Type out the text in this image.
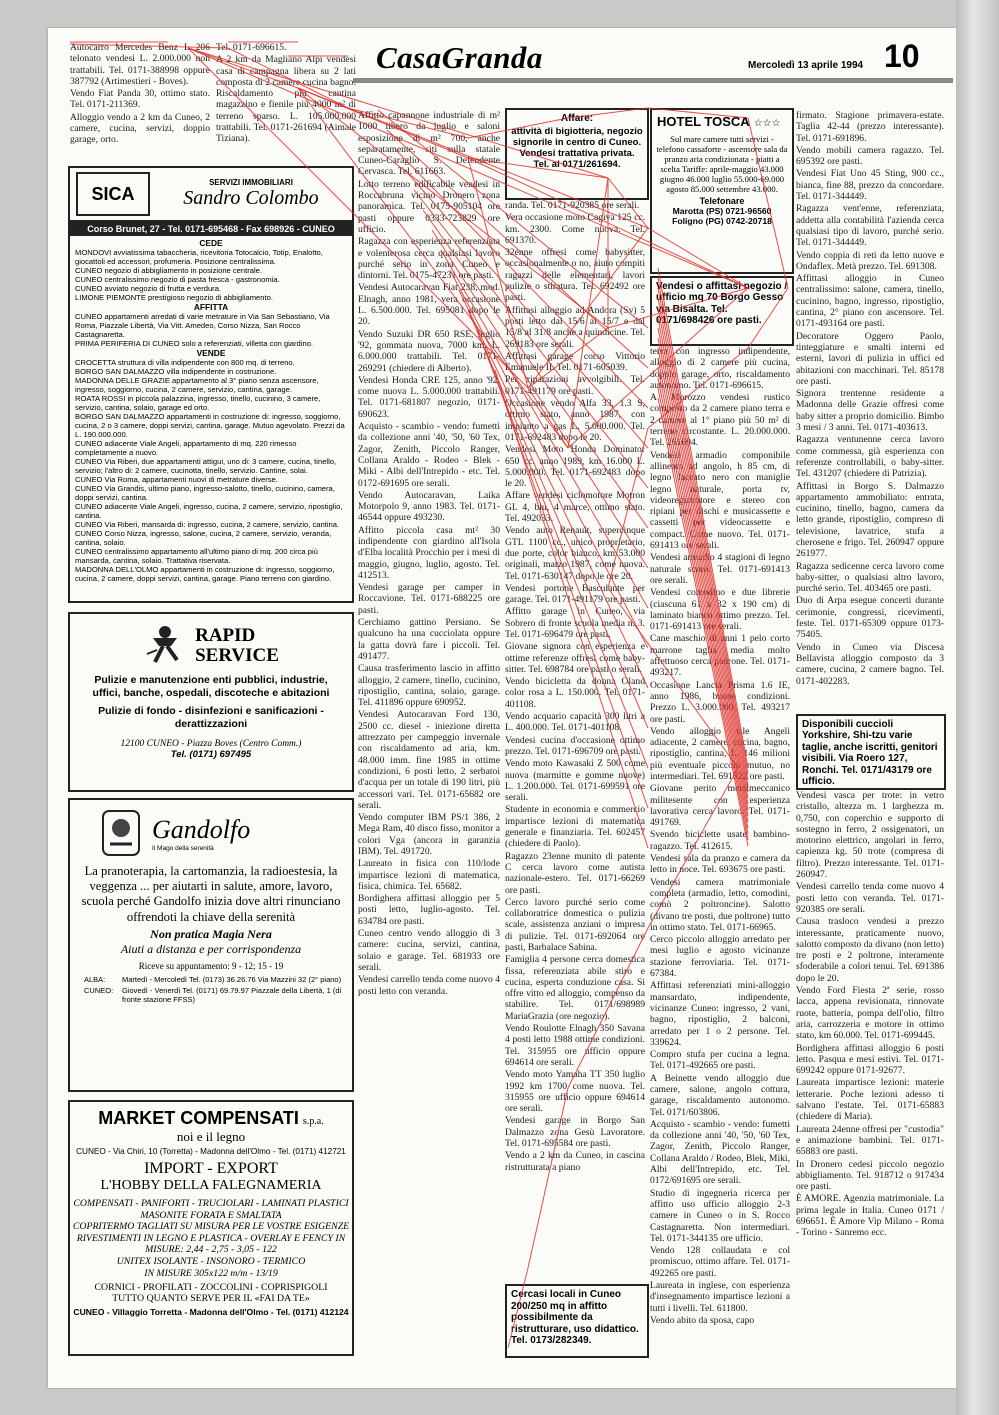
CasaGranda	Mercoledì 13 aprile 1994 10

Autocarro Mercedes Benz L 206 telonato vendesi L. 2.000.000 non trattabili. Tel. 0171-388998 oppure 387792 (Artimestieri - Boves).

Vendo Fiat Panda 30, ottimo stato. Tel. 0171-211369.

Alloggio vendo a 2 km da Cuneo, 2 camere, cucina, servizi, doppio garage, orto.

SICA
SERVIZI IMMOBILIARI
Sandro Colombo
Corso Brunet, 27 - Tel. 0171-695468 - Fax 698926 - CUNEO
CEDE
MONDOVI avviatissima tabaccheria, ricevitoria Totocalcio, Totip, Enalotto, giocattoli ed accessori, profumeria. Posizione centralissima.
CUNEO negozio di abbigliamento in posizione centrale.
CUNEO centralissimo negozio di pasta fresca - gastronomia.
CUNEO avviato negozio di frutta e verdura.
LIMONE PIEMONTE prestigioso negozio di abbigliamento.
AFFITTA
CUNEO appartamenti arredati di varie metrature in Via San Sebastiano, Via Roma, Piazzale Libertà, Via Vitt. Amedeo, Corso Nizza, San Rocco Castagnaretta.
PRIMA PERIFERIA DI CUNEO solo a referenziati, villetta con giardino.
VENDE
CROCETTA struttura di villa indipendente con 800 mq. di terreno.
BORGO SAN DALMAZZO villa indipendente in costruzione.
MADONNA DELLE GRAZIE appartamento al 3° piano senza ascensore, ingresso, soggiorno, cucina, 2 camere, servizio, cantina, garage.
ROATA ROSSI in piccola palazzina, ingresso, tinello, cucinino, 3 camere, servizio, cantina, solaio, garage ed orto.
BORGO SAN DALMAZZO appartamenti in costruzione di: ingresso, soggiorno, cucina, 2 o 3 camere, doppi servizi, cantina, garage. Mutuo agevolato. Prezzi da L. 190.000.000.
CUNEO adiacente Viale Angeli, appartamento di mq. 220 rimesso completamente a nuovo.
CUNEO Via Riberi, due appartamenti attigui, uno di: 3 camere, cucina, tinello, servizio; l'altro di: 2 camere, cucinotta, tinello, servizio. Cantine, solai.
CUNEO Via Roma, appartamenti nuovi di metrature diverse.
CUNEO Via Grandis, ultimo piano, ingresso-salotto, tinello, cucinino, camera, doppi servizi, cantina.
CUNEO adiacente Viale Angeli, ingresso, cucina, 2 camere, servizio, ripostiglio, cantina.
CUNEO Via Riberi, mansarda di: ingresso, cucina, 2 camere, servizio, cantina.
CUNEO Corso Nizza, ingresso, salone, cucina, 2 camere, servizio, veranda, cantina, solaio.
CUNEO centralissimo appartamento all'ultimo piano di mq. 200 circa più mansarda, cantina, solaio. Trattativa riservata.
MADONNA DELL'OLMO appartamenti in costruzione di: ingresso, soggiorno, cucina, 2 camere, doppi servizi, cantina, garage. Piano terreno con giardino.
RAPID
SERVICE
Pulizie e manutenzione enti pubblici, industrie, uffici, banche, ospedali, discoteche e abitazioni
Pulizie di fondo - disinfezioni e sanificazioni - derattizzazioni
12100 CUNEO - Piazza Boves (Centro Comm.)
Tel. (0171) 697495
Gandolfo
Il Mago della serenità
La pranoterapia, la cartomanzia, la radioestesia, la veggenza ... per aiutarti in salute, amore, lavoro, scuola perché Gandolfo inizia dove altri rinunciano offrendoti la chiave della serenità
Non pratica Magia Nera
Aiuti a distanza e per corrispondenza
Riceve su appuntamento: 9 - 12; 15 - 19
ALBA:	Martedì - Mercoledì Tel. (0173) 36.26.76 Via Mazzini 32 (2° piano)
CUNEO:	Giovedì - Venerdì Tel. (0171) 69.79.97 Piazzale della Libertà, 1 (di fronte stazione FFSS)
MARKET COMPENSATI s.p.a.
noi e il legno
CUNEO - Via Chiri, 10 (Torretta) - Madonna dell'Olmo - Tel. (0171) 412721
IMPORT - EXPORT
L'HOBBY DELLA FALEGNAMERIA
COMPENSATI - PANIFORTI - TRUCIOLARI - LAMINATI PLASTICI
MASONITE FORATA E SMALTATA
COPRITERMO TAGLIATI SU MISURA PER LE VOSTRE ESIGENZE
RIVESTIMENTI IN LEGNO E PLASTICA - OVERLAY E FENCY IN
MISURE: 2,44 - 2,75 - 3,05 - 122
UNITEX ISOLANTE - INSONORO - TERMICO
IN MISURE 305x122 m/m - 13/19
CORNICI - PROFILATI - ZOCCOLINI - COPRISPIGOLI
TUTTO QUANTO SERVE PER IL «FAI DA TE»
CUNEO - Villaggio Torretta - Madonna dell'Olmo - Tel. (0171) 412124

Tel. 0171-696615.

A 2 km da Magliano Alpi vendesi casa di campagna libera su 2 lati composta di 2 camere cucina bagno. Riscaldamento più cantina magazzino e fienile più 4000 m² di terreno sparso. L. 105.000.000 trattabili. Tel. 0171-261694 (Aimale Tiziana).

Affitto capannone industriale di m² 1000 libero da luglio e saloni esposizione di m² 700, anche separatamente, siti sulla statale Cuneo-Caraglio S. Defendente Cervasca. Tel. 611663.

Lotto terreno edificabile vendesi in Roccabruna vicino Dronero zona panoramica. Tel. 0175-905104 ore pasti oppure 0333-723829 ore ufficio.

Ragazza con esperienza referenziata e volenterosa cerca qualsiasi lavoro purché serio in zona Cuneo e dintorni. Tel. 0175-47231 ore pasti.

Vendesi Autocaravan Fiat 238, mod. Elnagh, anno 1981, vera occasione L. 6.500.000. Tel. 695081 dopo le 20.

Vendo Suzuki DR 650 RSE, luglio '92, gommata nuova, 7000 km, L. 6.000.000 trattabili. Tel. 0171-269291 (chiedere di Alberto).

Vendesi Honda CRE 125, anno '92, come nuova L. 5.000.000 trattabili. Tel. 0171-681807 negozio, 0171-690623.

Acquisto - scambio - vendo: fumetti da collezione anni '40, '50, '60 Tex, Zagor, Zenith, Piccolo Ranger, Collana Araldo - Rodeo - Blek - Miki - Albi dell'Intrepido - etc. Tel. 0172-691695 ore serali.

Vendo Autocaravan, Laika Motorpolo 9, anno 1983. Tel. 0171-46544 oppure 493230.

Affitto piccola casa mt² 30 indipendente con giardino all'Isola d'Elba località Procchio per i mesi di maggio, giugno, luglio, agosto. Tel. 412513.

Vendesi garage per camper in Roccavione. Tel. 0171-688225 ore pasti.

Cerchiamo gattino Persiano. Se qualcuno ha una cucciolata oppure la gatta dovrà fare i piccoli. Tel. 491477.

Causa trasferimento lascio in affitto alloggio, 2 camere, tinello, cucinino, ripostiglio, cantina, solaio, garage. Tel. 411896 oppure 690952.

Vendesi Autocaravan Ford 130, 2500 cc. diesel - iniezione diretta attrezzato per campeggio invernale con riscaldamento ad aria, km. 48.000 imm. fine 1985 in ottime condizioni, 6 posti letto, 2 serbatoi d'acqua per un totale di 190 litri, più accessori vari. Tel. 0171-65682 ore serali.

Vendo computer IBM PS/1 386, 2 Mega Ram, 40 disco fisso, monitor a colori Vga (ancora in garanzia IBM). Tel. 491720.

Laureato in fisica con 110/lode impartisce lezioni di matematica, fisica, chimica. Tel. 65682.

Bordighera affittasi alloggio per 5 posti letto, luglio-agosto. Tel. 634784 ore pasti.

Cuneo centro vendo alloggio di 3 camere: cucina, servizi, cantina, solaio e garage. Tel. 681933 ore serali.

Vendesi carrello tenda come nuovo 4 posti letto con veranda.

Affare:
attività di bigiotteria, negozio signorile in centro di Cuneo. Vendesi trattativa privata. Tel. al 0171/261694.

randa. Tel. 0171-920385 ore serali.

Vera occasione moto Cagiva 125 cc. km. 2300. Come nuova. Tel. 691370.

32enne offresi come babysitter, occasionalmente o no, aiuto compiti ragazzi delle elementari, lavori pulizie o stiratura. Tel. 692492 ore pasti.

Affittasi alloggio ad Andora (Sv) 5 posti letto dal 15/6 al 15/7 e dal 15/8 al 31/8 anche a quindicine. Tel. 269183 ore serali.

Affittasi garage corso Vittorio Emanuele II. Tel. 0171-605039.

Per riparazioni avvolgibili. Tel. 0171-491179 ore pasti.

Occasione vendo Alfa 33, 1.3 S, ottimo stato, anno 1987, con impianto a gas L. 5.000.000. Tel. 0171-692483 dopo le 20.

Vendesi Moto Honda Dominator 650 cc. anno 1989, km 16.000 L. 5.000.000. Tel. 0171-692483 dopo le 20.

Affare vendesi ciclomotore Motron GL 4, blu, 4 marce, ottimo stato. Tel. 492033.

Vendo auto Renault, supercinque GTL 1100 cc., unico proprietario, due porte, color bianco, km 53.000 originali, marzo 1987, come nuova. Tel. 0171-630147 dopo le ore 20.

Vendesi portone Basculante per garage. Tel. 0171-491179 ore pasti.

Affitto garage in Cuneo, via Sobrero di fronte scuola media n. 3. Tel. 0171-696479 ore pasti.

Giovane signora con esperienza e ottime referenze offresi come baby-sitter. Tel. 698784 ore pasti o serali.

Vendo bicicletta da donna Oland color rosa a L. 150.000. Tel. 0171-401108.

Vendo acquario capacità 300 litri a L. 400.000. Tel. 0171-401108.

Vendesi cucina d'occasione ottimo prezzo. Tel. 0171-696709 ore pasti.

Vendo moto Kawasaki Z 500 come nuova (marmitte e gomme nuove) L. 1.200.000. Tel. 0171-699591 ore serali.

Studente in economia e commercio impartisce lezioni di matematica generale e finanziaria. Tel. 602457 (chiedere di Paolo).

Ragazzo 23enne munito di patente C cerca lavoro come autista nazionale-estero. Tel. 0171-66269 ore pasti.

Cerco lavoro purché serio come collaboratrice domestica o pulizia scale, assistenza anziani o impresa di pulizie. Tel. 0171-692064 ore pasti, Barbalace Sabina.

Famiglia 4 persone cerca domestica fissa, referenziata abile stiro e cucina, esperta conduzione casa. Si offre vitto ed alloggio, compenso da stabilire. Tel. 0171/698989 MariaGrazia (ore negozio).

Vendo Roulotte Elnagh 350 Savana 4 posti letto 1988 ottime condizioni. Tel. 315955 ore ufficio oppure 694614 ore serali.

Vendo moto Yamaha TT 350 luglio 1992 km 1700 come nuova. Tel. 315955 ore ufficio oppure 694614 ore serali.

Vendesi garage in Borgo San Dalmazzo zona Gesù Lavoratore. Tel. 0171-695584 ore pasti.

Vendo a 2 km da Cuneo, in cascina ristrutturata a piano

Cercasi locali in Cuneo 200/250 mq in affitto possibilmente da ristrutturare, uso didattico. Tel. 0173/282349.
HOTEL TOSCA ☆☆☆
Sul mare camere tutti servizi - telefono cassaforte - ascensore sala da pranzo aria condizionata - piatti a scelta Tariffe: aprile-maggio 43.000 giugno 46.000 luglio 55.000-69.000 agosto 85.000 settembre 43.000.
Telefonare
Marotta (PS) 0721-96560 Foligno (PG) 0742-20718
Vendesi o affittasi negozio / ufficio mq 70 Borgo Gesso via Bisalta. Tel. 0171/698426 ore pasti.

terra con ingresso indipendente, alloggio di 2 camere più cucina, doppio garage, orto, riscaldamento autonomo. Tel. 0171-696615.

A Morozzo vendesi rustico composto da 2 camere piano terra e 2 camere al 1° piano più 50 m² di terreno circostante. L. 20.000.000. Tel. 261694.

Vendesi armadio componibile allineato ad angolo, h 85 cm, di legno laccato nero con maniglie legno naturale, porta tv, videoregistratore e stereo con ripiani per dischi e musicassette e cassetti per videocassette e compact. Come nuovo. Tel. 0171-691413 ore serali.

Vendesi armadio 4 stagioni di legno naturale scuro. Tel. 0171-691413 ore serali.

Vendesi comodino e due librerie (ciascuna 61 x 32 x 190 cm) di laminato bianco ottimo prezzo. Tel. 0171-691413 ore serali.

Cane maschio di anni 1 pelo corto marrone taglia media molto affettuoso cerca padrone. Tel. 0171-493217.

Occasione Lancia Prisma 1.6 IE, anno 1986, buone condizioni. Prezzo L. 3.000.000. Tel. 493217 ore pasti.

Vendo alloggio v.le Angeli adiacente, 2 camere, cucina, bagno, ripostiglio, cantina, L. 146 milioni più eventuale piccolo mutuo, no intermediari. Tel. 691322 ore pasti.

Giovane perito metalmeccanico militesente con esperienza lavorativa cerca lavoro. Tel. 0171-491769.

Svendo biciclette usate bambino-ragazzo. Tel. 412615.

Vendesi sala da pranzo e camera da letto in noce. Tel. 693675 ore pasti.

Vendesi camera matrimoniale completa (armadio, letto, comodini, comò 2 poltroncine). Salotto (divano tre posti, due poltrone) tutto in ottimo stato. Tel. 0171-66965.

Cerco piccolo alloggio arredato per mesi luglio e agosto vicinanze stazione ferroviaria. Tel. 0171-67384.

Affittasi referenziati mini-alloggio mansardato, indipendente, vicinanze Cuneo: ingresso, 2 vani, bagno, ripostiglio, 2 balconi, arredato per 1 o 2 persone. Tel. 339624.

Compro stufa per cucina a legna. Tel. 0171-492665 ore pasti.

A Beinette vendo alloggio due camere, salone, angolo cottura, garage, riscaldamento autonomo. Tel. 0171/603806.

Acquisto - scambio - vendo: fumetti da collezione anni '40, '50, '60 Tex, Zagor, Zenith, Piccolo Ranger, Collana Araldo / Rodeo, Blek, Miki, Albi dell'Intrepido, etc. Tel. 0172/691695 ore serali.

Studio di ingegneria ricerca per affitto uso ufficio alloggio 2-3 camere in Cuneo o in S. Rocco Castagnaretta. Non intermediari. Tel. 0171-344135 ore ufficio.

Vendo 128 collaudata e col promiscuo, ottimo affare. Tel. 0171-492265 ore pasti.

Laureata in inglese, con esperienza d'insegnamento impartisce lezioni a tutti i livelli. Tel. 611800.

Vendo abito da sposa, capo

firmato. Stagione primavera-estate. Taglia 42-44 (prezzo interessante). Tel. 0171-691896.

Vendo mobili camera ragazzo. Tel. 695392 ore pasti.

Vendesi Fiat Uno 45 Sting, 900 cc., bianca, fine 88, prezzo da concordare. Tel. 0171-344449.

Ragazza vent'enne, referenziata, addetta alla contabilità l'azienda cerca qualsiasi tipo di lavoro, purché serio. Tel. 0171-344449.

Vendo coppia di reti da letto nuove e Ondaflex. Metà prezzo. Tel. 691308.

Affittasi alloggio in Cuneo centralissimo: salone, camera, tinello, cucinino, bagno, ingresso, ripostiglio, cantina, 2° piano con ascensore. Tel. 0171-493164 ore pasti.

Decoratore Oggero Paolo, tinteggiature e smalti interni ed esterni, lavori di pulizia in uffici ed abitazioni con macchinari. Tel. 85178 ore pasti.

Signora trentenne residente a Madonna delle Grazie offresi come baby sitter a proprio domicilio. Bimbo 3 mesi / 3 anni. Tel. 0171-403613.

Ragazza ventunenne cerca lavoro come commessa, già esperienza con referenze controllabili, o baby-sitter. Tel. 431207 (chiedere di Patrizia).

Affittasi in Borgo S. Dalmazzo appartamento ammobiliato: entrata, cucinino, tinello, bagno, camera da letto grande, ripostiglio, compreso di televisione, lavatrice, stufa a cherosene e frigo. Tel. 260947 oppure 261977.

Ragazza sedicenne cerca lavoro come baby-sitter, o qualsiasi altro lavoro, purché serio. Tel. 403465 ore pasti.

Duo di Arpa esegue concerti durante cerimonie, congressi, ricevimenti, feste. Tel. 0171-65309 oppure 0173-75405.

Vendo in Cuneo via Discesa Bellavista alloggio composto da 3 camere, cucina, 2 camere bagno. Tel. 0171-402283.

Disponibili cuccioli Yorkshire, Shi-tzu varie taglie, anche iscritti, genitori visibili. Via Roero 127, Ronchi. Tel. 0171/43179 ore ufficio.

Vendesi vasca per trote: in vetro cristallo, altezza m. 1 larghezza m. 0,750, con coperchio e supporto di sostegno in ferro, 2 ossigenatori, un motorino elettrico, angolari in ferro, capienza kg. 50 trote (compresa di filtro). Prezzo interessante. Tel. 0171-260947.

Vendesi carrello tenda come nuovo 4 posti letto con veranda. Tel. 0171-920385 ore serali.

Causa trasloco vendesi a prezzo interessante, praticamente nuovo, salotto composto da divano (non letto) tre posti e 2 poltrone, interamente sfoderabile a colori tenui. Tel. 691386 dopo le 20.

Vendo Ford Fiesta 2ª serie, rosso lacca, appena revisionata, rinnovate ruote, batteria, pompa dell'olio, filtro aria, carrozzeria e motore in ottimo stato, km 60.000. Tel. 0171-699445.

Bordighera affittasi alloggio 6 posti letto. Pasqua e mesi estivi. Tel. 0171-699242 oppure 0171-92677.

Laureata impartisce lezioni: materie letterarie. Poche lezioni adesso ti salvano l'estate. Tel. 0171-65883 (chiedere di Maria).

Laureata 24enne offresi per "custodia" e animazione bambini. Tel. 0171-65883 ore pasti.

In Dronero cedesi piccolo negozio abbigliamento. Tel. 918712 o 917434 ore pasti.

È AMORE. Agenzia matrimoniale. La prima legale in Italia. Cuneo 0171 / 696651. È Amore Vip Milano - Roma - Torino - Sanremo ecc.
